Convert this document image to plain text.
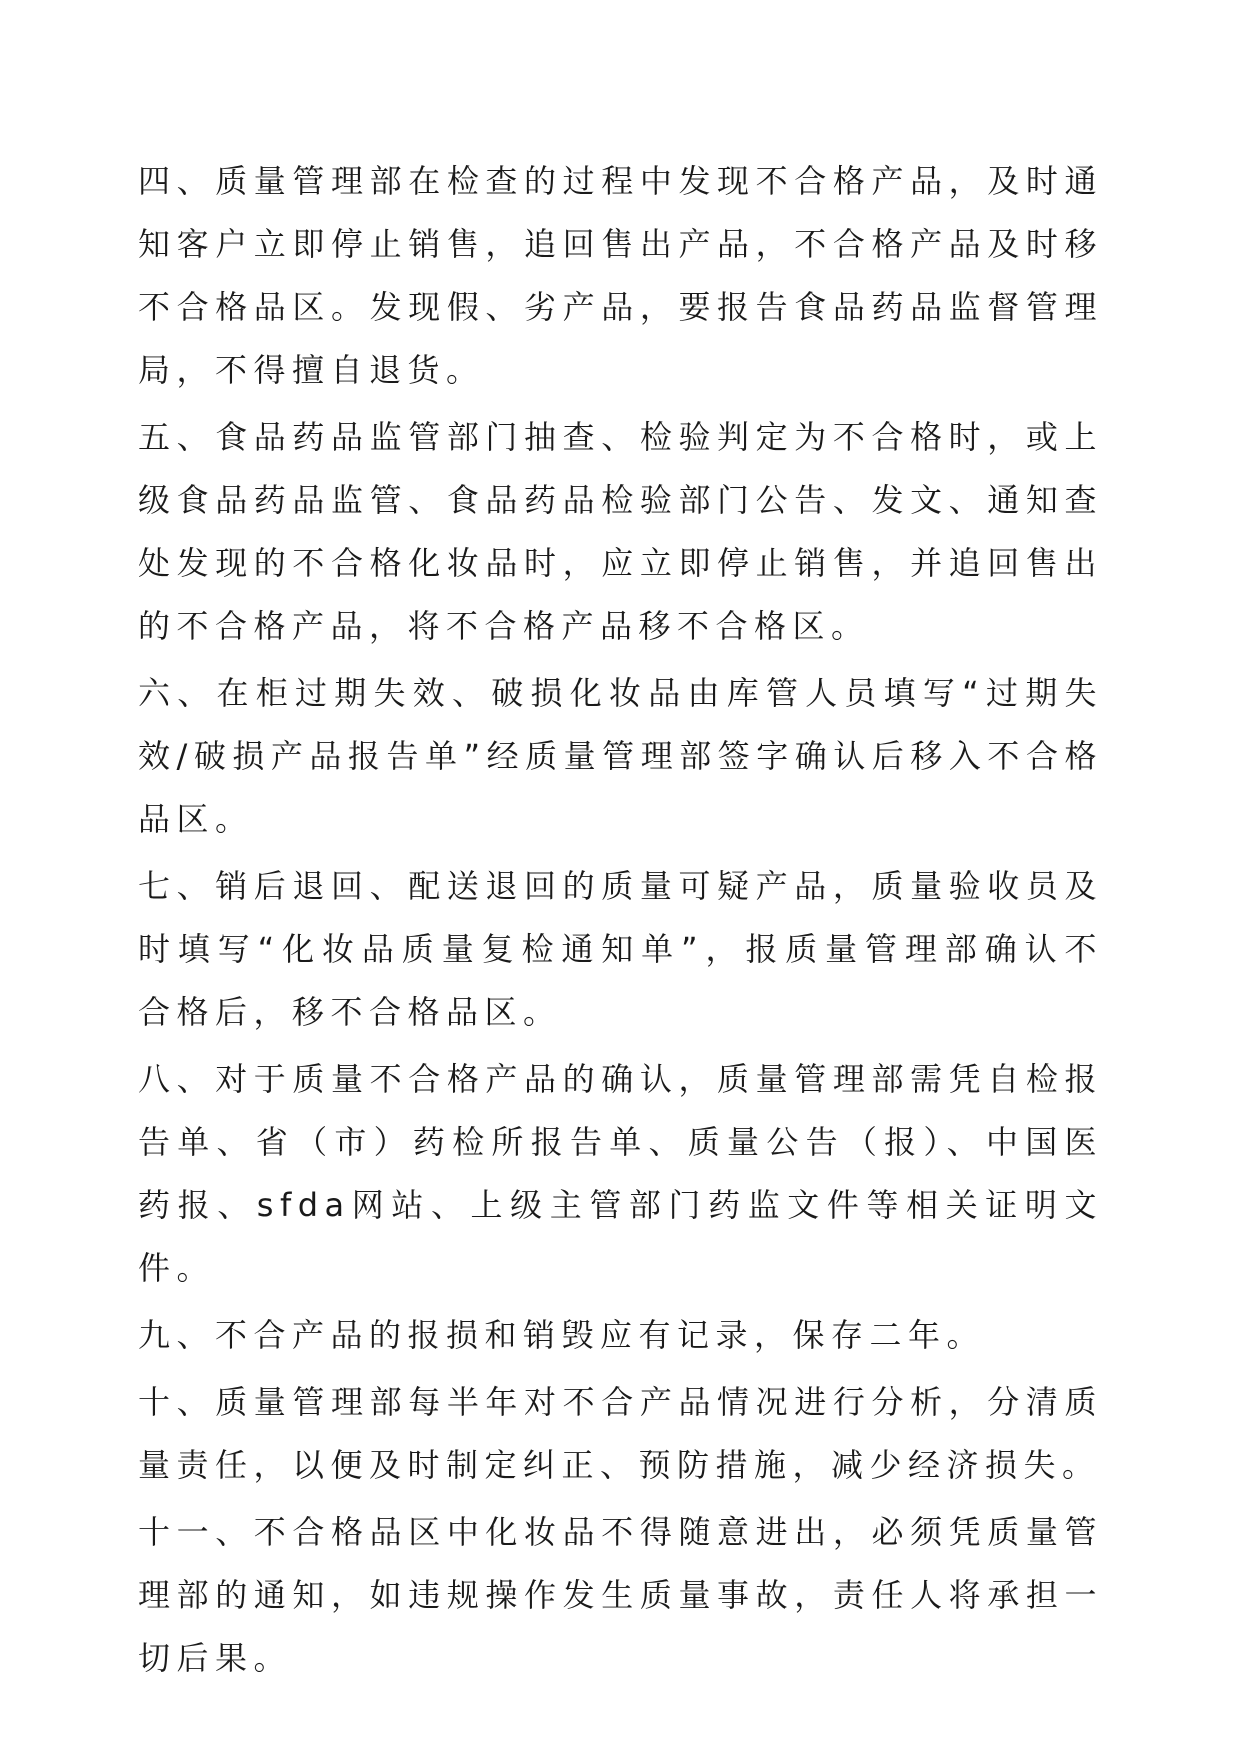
四、质量管理部在检查的过程中发现不合格产品，及时通知客户立即停止销售，追回售出产品，不合格产品及时移不合格品区。发现假、劣产品，要报告食品药品监督管理局，不得擅自退货。

五、食品药品监管部门抽查、检验判定为不合格时，或上级食品药品监管、食品药品检验部门公告、发文、通知查处发现的不合格化妆品时，应立即停止销售，并追回售出的不合格产品，将不合格产品移不合格区。

六、在柜过期失效、破损化妆品由库管人员填写“过期失效/破损产品报告单”经质量管理部签字确认后移入不合格品区。

七、销后退回、配送退回的质量可疑产品，质量验收员及时填写“化妆品质量复检通知单”，报质量管理部确认不合格后，移不合格品区。

八、对于质量不合格产品的确认，质量管理部需凭自检报告单、省（市）药检所报告单、质量公告（报）、中国医药报、sfda网站、上级主管部门药监文件等相关证明文件。

九、不合产品的报损和销毁应有记录，保存二年。

十、质量管理部每半年对不合产品情况进行分析，分清质量责任，以便及时制定纠正、预防措施，减少经济损失。

十一、不合格品区中化妆品不得随意进出，必须凭质量管理部的通知，如违规操作发生质量事故，责任人将承担一切后果。
